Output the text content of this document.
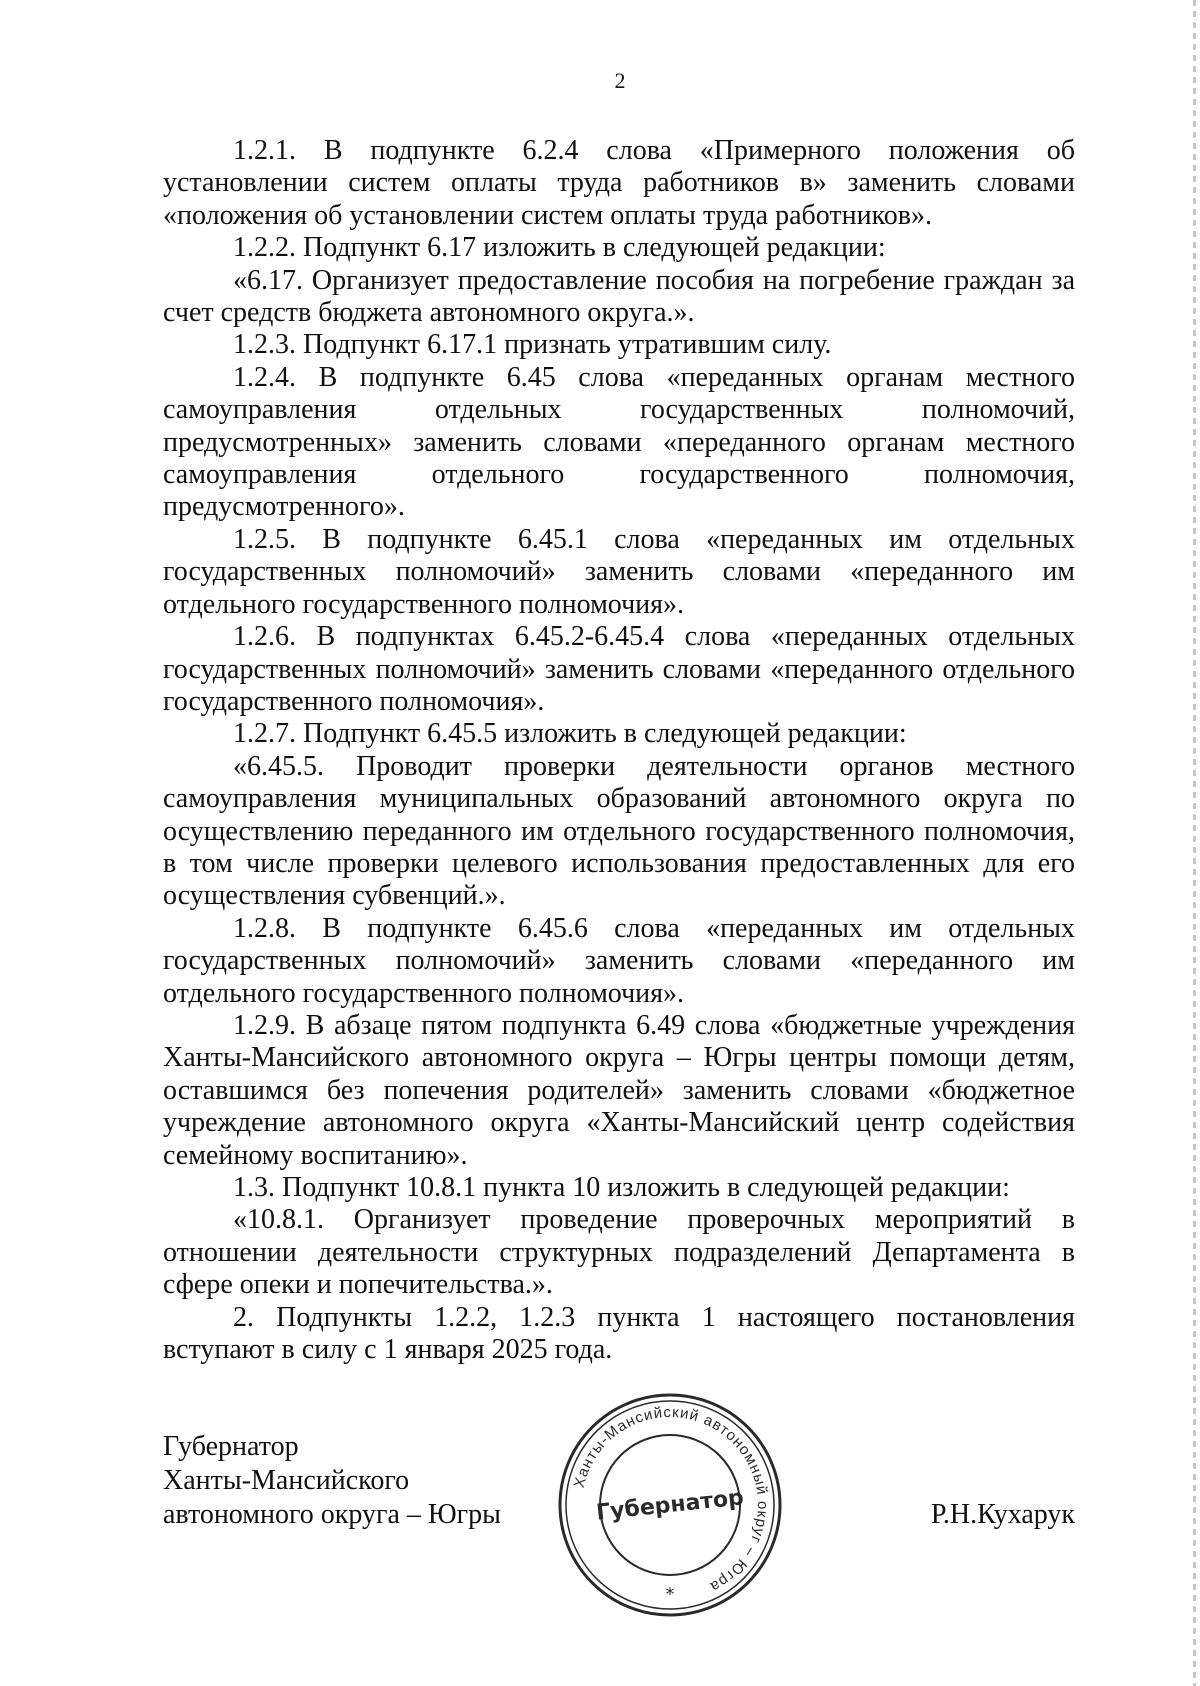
2

1.2.1. В подпункте 6.2.4 слова «Примерного положения об установлении систем оплаты труда работников в» заменить словами «положения об установлении систем оплаты труда работников».

1.2.2. Подпункт 6.17 изложить в следующей редакции:

«6.17. Организует предоставление пособия на погребение граждан за счет средств бюджета автономного округа.».

1.2.3. Подпункт 6.17.1 признать утратившим силу.

1.2.4. В подпункте 6.45 слова «переданных органам местного самоуправления отдельных государственных полномочий, предусмотренных» заменить словами «переданного органам местного самоуправления отдельного государственного полномочия, предусмотренного».

1.2.5. В подпункте 6.45.1 слова «переданных им отдельных государственных полномочий» заменить словами «переданного им отдельного государственного полномочия».

1.2.6. В подпунктах 6.45.2-6.45.4 слова «переданных отдельных государственных полномочий» заменить словами «переданного отдельного государственного полномочия».

1.2.7. Подпункт 6.45.5 изложить в следующей редакции:

«6.45.5. Проводит проверки деятельности органов местного самоуправления муниципальных образований автономного округа по осуществлению переданного им отдельного государственного полномочия, в том числе проверки целевого использования предоставленных для его осуществления субвенций.».

1.2.8. В подпункте 6.45.6 слова «переданных им отдельных государственных полномочий» заменить словами «переданного им отдельного государственного полномочия».

1.2.9. В абзаце пятом подпункта 6.49 слова «бюджетные учреждения Ханты-Мансийского автономного округа – Югры центры помощи детям, оставшимся без попечения родителей» заменить словами «бюджетное учреждение автономного округа «Ханты-Мансийский центр содействия семейному воспитанию».

1.3. Подпункт 10.8.1 пункта 10 изложить в следующей редакции:

«10.8.1. Организует проведение проверочных мероприятий в отношении деятельности структурных подразделений Департамента в сфере опеки и попечительства.».

2. Подпункты 1.2.2, 1.2.3 пункта 1 настоящего постановления вступают в силу с 1 января 2025 года.

Губернатор
Ханты-Мансийского
автономного округа – Югры	Р.Н.Кухарук
Ханты-Мансийский автономный округ – Югра
Губернатор
*
